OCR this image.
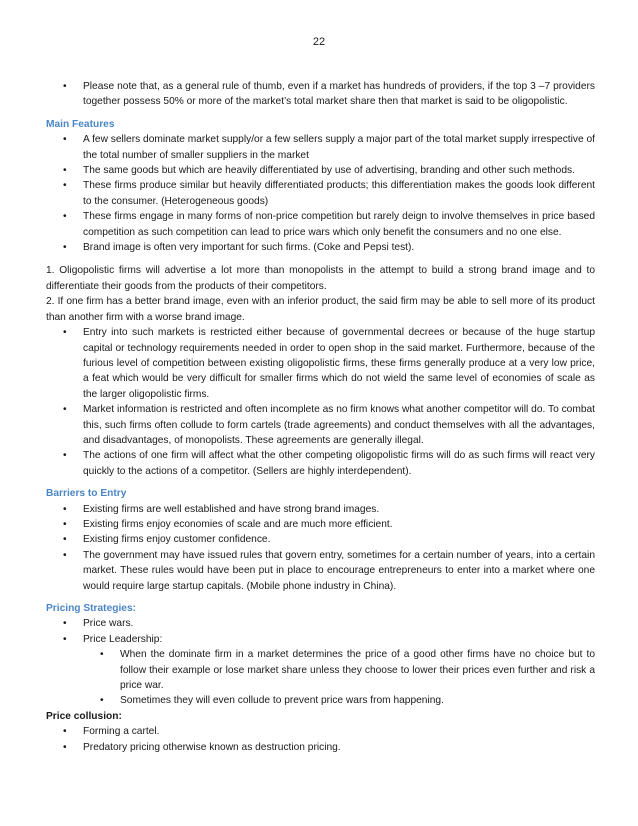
22
• Please note that, as a general rule of thumb, even if a market has hundreds of providers, if the top 3 –7 providers together possess 50% or more of the market’s total market share then that market is said to be oligopolistic.
Main Features
• A few sellers dominate market supply/or a few sellers supply a major part of the total market supply irrespective of the total number of smaller suppliers in the market
• The same goods but which are heavily differentiated by use of advertising, branding and other such methods.
• These firms produce similar but heavily differentiated products; this differentiation makes the goods look different to the consumer. (Heterogeneous goods)
• These firms engage in many forms of non-price competition but rarely deign to involve themselves in price based competition as such competition can lead to price wars which only benefit the consumers and no one else.
• Brand image is often very important for such firms. (Coke and Pepsi test).

1. Oligopolistic firms will advertise a lot more than monopolists in the attempt to build a strong brand image and to differentiate their goods from the products of their competitors.

2. If one firm has a better brand image, even with an inferior product, the said firm may be able to sell more of its product than another firm with a worse brand image.

• Entry into such markets is restricted either because of governmental decrees or because of the huge startup capital or technology requirements needed in order to open shop in the said market. Furthermore, because of the furious level of competition between existing oligopolistic firms, these firms generally produce at a very low price, a feat which would be very difficult for smaller firms which do not wield the same level of economies of scale as the larger oligopolistic firms.
• Market information is restricted and often incomplete as no firm knows what another competitor will do. To combat this, such firms often collude to form cartels (trade agreements) and conduct themselves with all the advantages, and disadvantages, of monopolists. These agreements are generally illegal.
• The actions of one firm will affect what the other competing oligopolistic firms will do as such firms will react very quickly to the actions of a competitor. (Sellers are highly interdependent).
Barriers to Entry
• Existing firms are well established and have strong brand images.
• Existing firms enjoy economies of scale and are much more efficient.
• Existing firms enjoy customer confidence.
• The government may have issued rules that govern entry, sometimes for a certain number of years, into a certain market. These rules would have been put in place to encourage entrepreneurs to enter into a market where one would require large startup capitals. (Mobile phone industry in China).
Pricing Strategies:
• Price wars.
• Price Leadership:
• When the dominate firm in a market determines the price of a good other firms have no choice but to follow their example or lose market share unless they choose to lower their prices even further and risk a price war.
• Sometimes they will even collude to prevent price wars from happening.
Price collusion:
• Forming a cartel.
• Predatory pricing otherwise known as destruction pricing.
